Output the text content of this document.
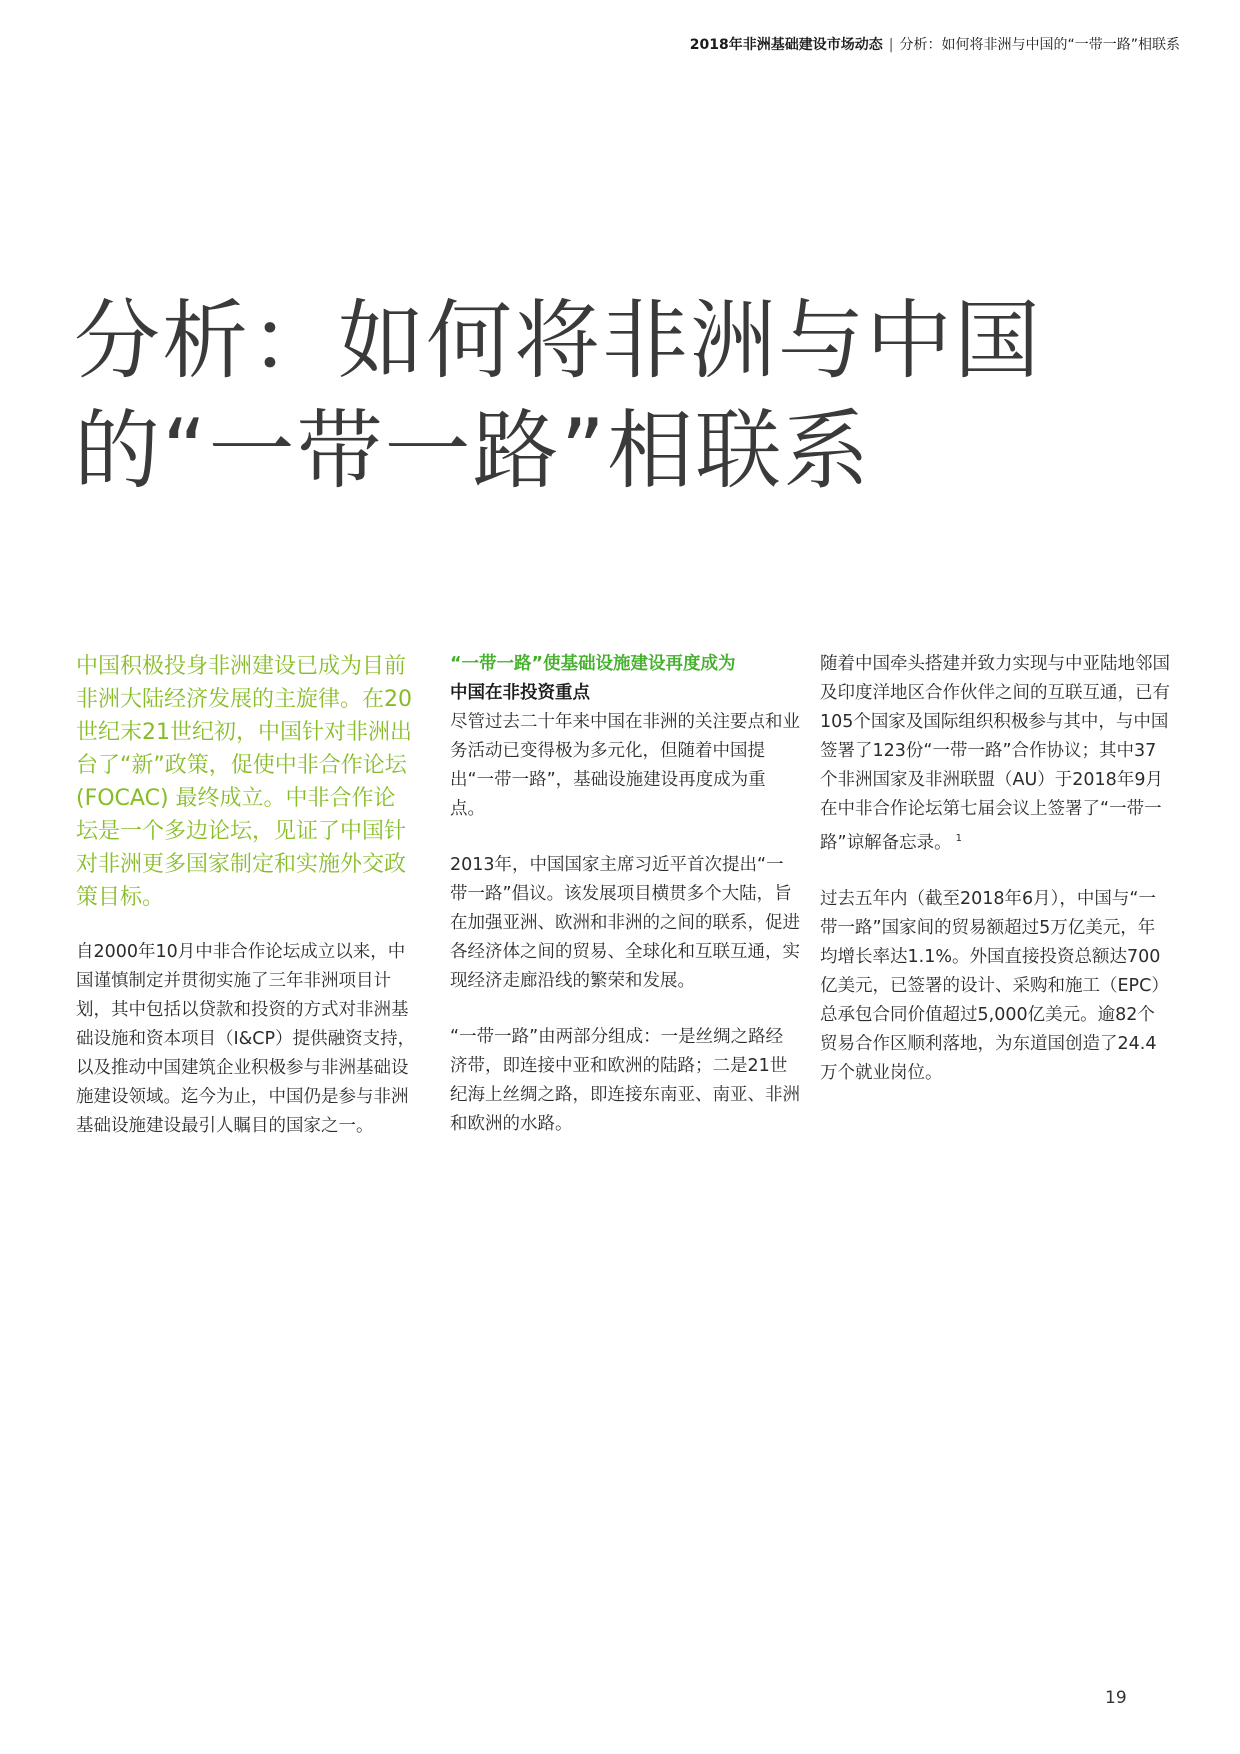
2018年非洲基础建设市场动态 | 分析：如何将非洲与中国的“一带一路”相联系
分析：如何将非洲与中国
的“一带一路”相联系

中国积极投身非洲建设已成为目前非洲大陆经济发展的主旋律。在20世纪末21世纪初，中国针对非洲出台了“新”政策，促使中非合作论坛 (FOCAC) 最终成立。中非合作论坛是一个多边论坛，见证了中国针对非洲更多国家制定和实施外交政策目标。

自2000年10月中非合作论坛成立以来，中国谨慎制定并贯彻实施了三年非洲项目计划，其中包括以贷款和投资的方式对非洲基础设施和资本项目（I&CP）提供融资支持，以及推动中国建筑企业积极参与非洲基础设施建设领域。迄今为止，中国仍是参与非洲基础设施建设最引人瞩目的国家之一。

“一带一路”使基础设施建设再度成为
中国在非投资重点

尽管过去二十年来中国在非洲的关注要点和业务活动已变得极为多元化，但随着中国提出“一带一路”，基础设施建设再度成为重点。

2013年，中国国家主席习近平首次提出“一带一路”倡议。该发展项目横贯多个大陆，旨在加强亚洲、欧洲和非洲的之间的联系，促进各经济体之间的贸易、全球化和互联互通，实现经济走廊沿线的繁荣和发展。

“一带一路”由两部分组成：一是丝绸之路经济带，即连接中亚和欧洲的陆路；二是21世纪海上丝绸之路，即连接东南亚、南亚、非洲和欧洲的水路。

随着中国牵头搭建并致力实现与中亚陆地邻国及印度洋地区合作伙伴之间的互联互通，已有105个国家及国际组织积极参与其中，与中国签署了123份“一带一路”合作协议；其中37个非洲国家及非洲联盟（AU）于2018年9月在中非合作论坛第七届会议上签署了“一带一路”谅解备忘录。 $^1$

过去五年内（截至2018年6月），中国与“一带一路”国家间的贸易额超过5万亿美元，年均增长率达1.1%。外国直接投资总额达700亿美元，已签署的设计、采购和施工（EPC）总承包合同价值超过5,000亿美元。逾82个贸易合作区顺利落地，为东道国创造了24.4万个就业岗位。

19
